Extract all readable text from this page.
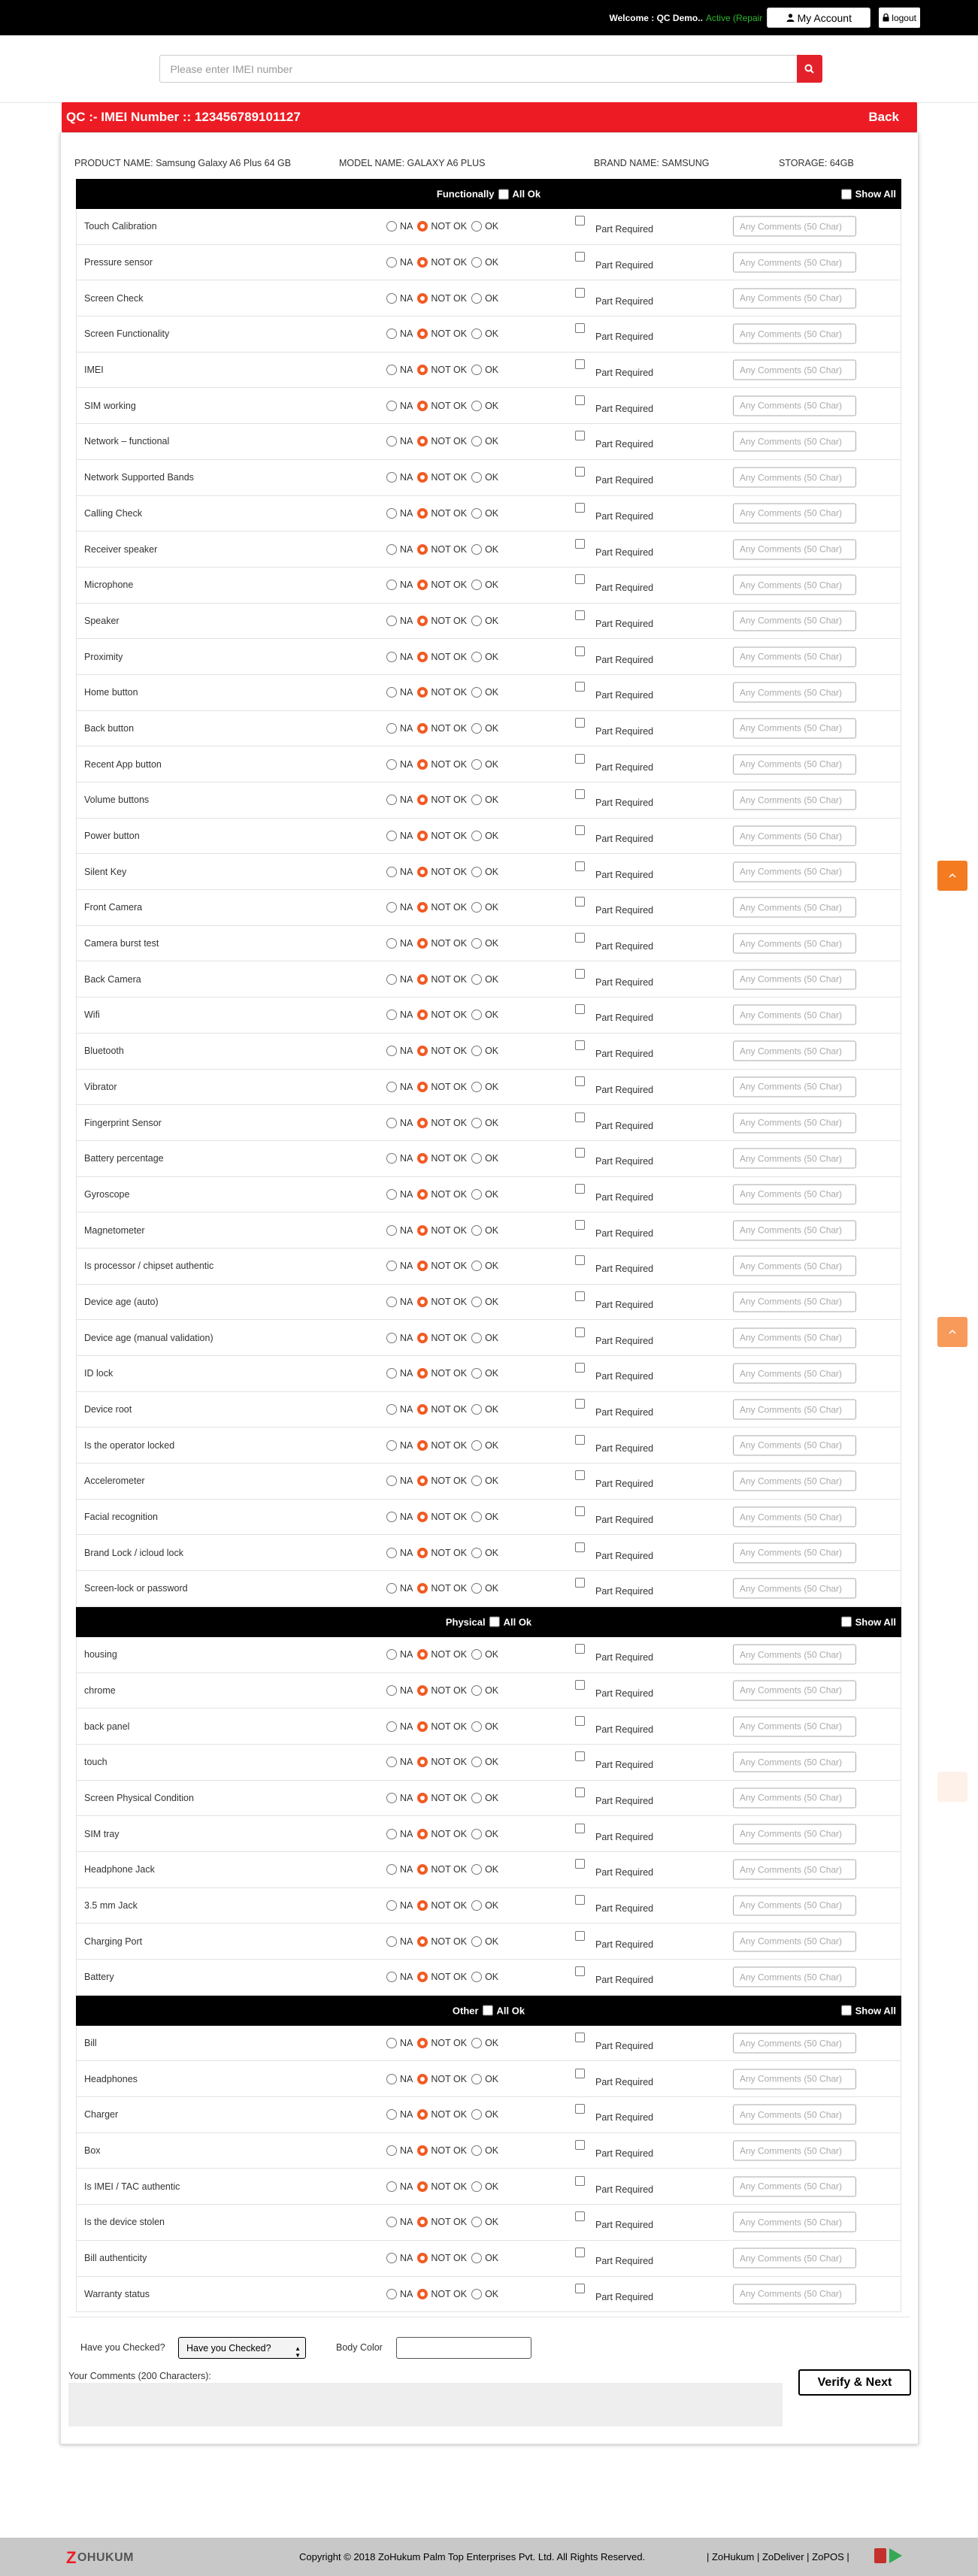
Welcome : QC Demo.. Active (Repair	My Account	logout
Please enter IMEI number
QC :- IMEI Number :: 123456789101127	Back
PRODUCT NAME: Samsung Galaxy A6 Plus 64 GB	MODEL NAME: GALAXY A6 PLUS	BRAND NAME: SAMSUNG	STORAGE: 64GB
Functionally All Ok	Show All
Touch Calibration	NA NOT OK OK	Part Required	Any Comments (50 Char)
Pressure sensor	NA NOT OK OK	Part Required	Any Comments (50 Char)
Screen Check	NA NOT OK OK	Part Required	Any Comments (50 Char)
Screen Functionality	NA NOT OK OK	Part Required	Any Comments (50 Char)
IMEI	NA NOT OK OK	Part Required	Any Comments (50 Char)
SIM working	NA NOT OK OK	Part Required	Any Comments (50 Char)
Network – functional	NA NOT OK OK	Part Required	Any Comments (50 Char)
Network Supported Bands	NA NOT OK OK	Part Required	Any Comments (50 Char)
Calling Check	NA NOT OK OK	Part Required	Any Comments (50 Char)
Receiver speaker	NA NOT OK OK	Part Required	Any Comments (50 Char)
Microphone	NA NOT OK OK	Part Required	Any Comments (50 Char)
Speaker	NA NOT OK OK	Part Required	Any Comments (50 Char)
Proximity	NA NOT OK OK	Part Required	Any Comments (50 Char)
Home button	NA NOT OK OK	Part Required	Any Comments (50 Char)
Back button	NA NOT OK OK	Part Required	Any Comments (50 Char)
Recent App button	NA NOT OK OK	Part Required	Any Comments (50 Char)
Volume buttons	NA NOT OK OK	Part Required	Any Comments (50 Char)
Power button	NA NOT OK OK	Part Required	Any Comments (50 Char)
Silent Key	NA NOT OK OK	Part Required	Any Comments (50 Char)
Front Camera	NA NOT OK OK	Part Required	Any Comments (50 Char)
Camera burst test	NA NOT OK OK	Part Required	Any Comments (50 Char)
Back Camera	NA NOT OK OK	Part Required	Any Comments (50 Char)
Wifi	NA NOT OK OK	Part Required	Any Comments (50 Char)
Bluetooth	NA NOT OK OK	Part Required	Any Comments (50 Char)
Vibrator	NA NOT OK OK	Part Required	Any Comments (50 Char)
Fingerprint Sensor	NA NOT OK OK	Part Required	Any Comments (50 Char)
Battery percentage	NA NOT OK OK	Part Required	Any Comments (50 Char)
Gyroscope	NA NOT OK OK	Part Required	Any Comments (50 Char)
Magnetometer	NA NOT OK OK	Part Required	Any Comments (50 Char)
Is processor / chipset authentic	NA NOT OK OK	Part Required	Any Comments (50 Char)
Device age (auto)	NA NOT OK OK	Part Required	Any Comments (50 Char)
Device age (manual validation)	NA NOT OK OK	Part Required	Any Comments (50 Char)
ID lock	NA NOT OK OK	Part Required	Any Comments (50 Char)
Device root	NA NOT OK OK	Part Required	Any Comments (50 Char)
Is the operator locked	NA NOT OK OK	Part Required	Any Comments (50 Char)
Accelerometer	NA NOT OK OK	Part Required	Any Comments (50 Char)
Facial recognition	NA NOT OK OK	Part Required	Any Comments (50 Char)
Brand Lock / icloud lock	NA NOT OK OK	Part Required	Any Comments (50 Char)
Screen-lock or password	NA NOT OK OK	Part Required	Any Comments (50 Char)
Physical All Ok	Show All
housing	NA NOT OK OK	Part Required	Any Comments (50 Char)
chrome	NA NOT OK OK	Part Required	Any Comments (50 Char)
back panel	NA NOT OK OK	Part Required	Any Comments (50 Char)
touch	NA NOT OK OK	Part Required	Any Comments (50 Char)
Screen Physical Condition	NA NOT OK OK	Part Required	Any Comments (50 Char)
SIM tray	NA NOT OK OK	Part Required	Any Comments (50 Char)
Headphone Jack	NA NOT OK OK	Part Required	Any Comments (50 Char)
3.5 mm Jack	NA NOT OK OK	Part Required	Any Comments (50 Char)
Charging Port	NA NOT OK OK	Part Required	Any Comments (50 Char)
Battery	NA NOT OK OK	Part Required	Any Comments (50 Char)
Other All Ok	Show All
Bill	NA NOT OK OK	Part Required	Any Comments (50 Char)
Headphones	NA NOT OK OK	Part Required	Any Comments (50 Char)
Charger	NA NOT OK OK	Part Required	Any Comments (50 Char)
Box	NA NOT OK OK	Part Required	Any Comments (50 Char)
Is IMEI / TAC authentic	NA NOT OK OK	Part Required	Any Comments (50 Char)
Is the device stolen	NA NOT OK OK	Part Required	Any Comments (50 Char)
Bill authenticity	NA NOT OK OK	Part Required	Any Comments (50 Char)
Warranty status	NA NOT OK OK	Part Required	Any Comments (50 Char)
Have you Checked? Have you Checked?	▲
▼
Body Color
Your Comments (200 Characters):	Verify & Next
Z OHUKUM	Copyright © 2018 ZoHukum Palm Top Enterprises Pvt. Ltd. All Rights Reserved.	| ZoHukum | ZoDeliver | ZoPOS |
